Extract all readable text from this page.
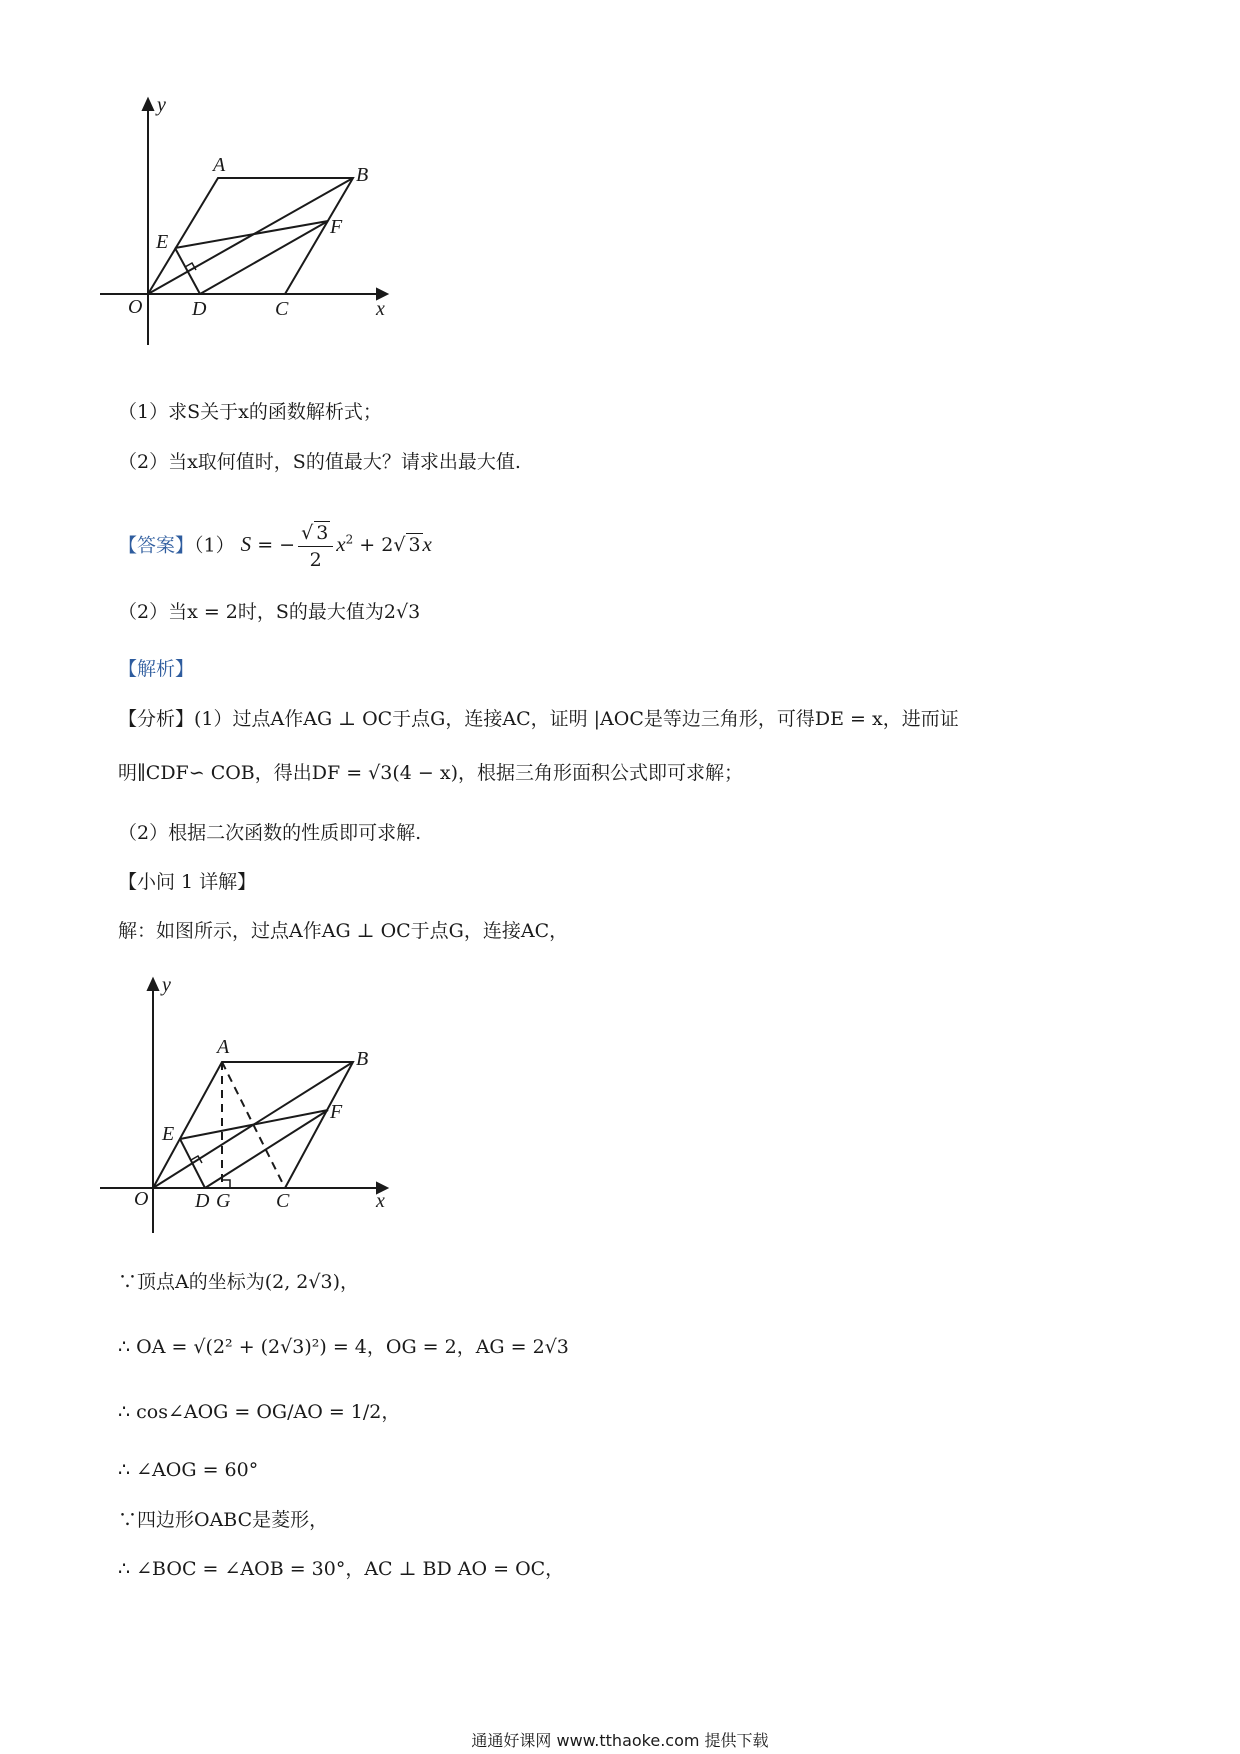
y
A	B
E
F
O D	C	x
（1）求S关于x的函数解析式；
（2）当x取何值时，S的值最大？请求出最大值.
【答案】（1） S = − $\frac{√ 3}{2} x^2 + 2√$ 3x
（2）当x = 2时，S的最大值为2√3
【解析】
【分析】(1）过点A作AG ⊥ OC于点G，连接AC，证明 |AOC是等边三角形，可得DE = x，进而证
明∥CDF∽ COB，得出DF = √3(4 − x)，根据三角形面积公式即可求解；
（2）根据二次函数的性质即可求解.
【小问 1 详解】
解：如图所示，过点A作AG ⊥ OC于点G，连接AC，
A
B
y
E
F
O D G C	x
∵顶点A的坐标为(2, 2√3)，
∴ OA = √(2² + (2√3)²) = 4，OG = 2，AG = 2√3
∴ cos∠AOG = OG/AO = 1/2，
∴ ∠AOG = 60°
∵四边形OABC是菱形，
∴ ∠BOC = ∠AOB = 30°，AC ⊥ BD AO = OC，
通通好课网 www.tthaoke.com 提供下载
